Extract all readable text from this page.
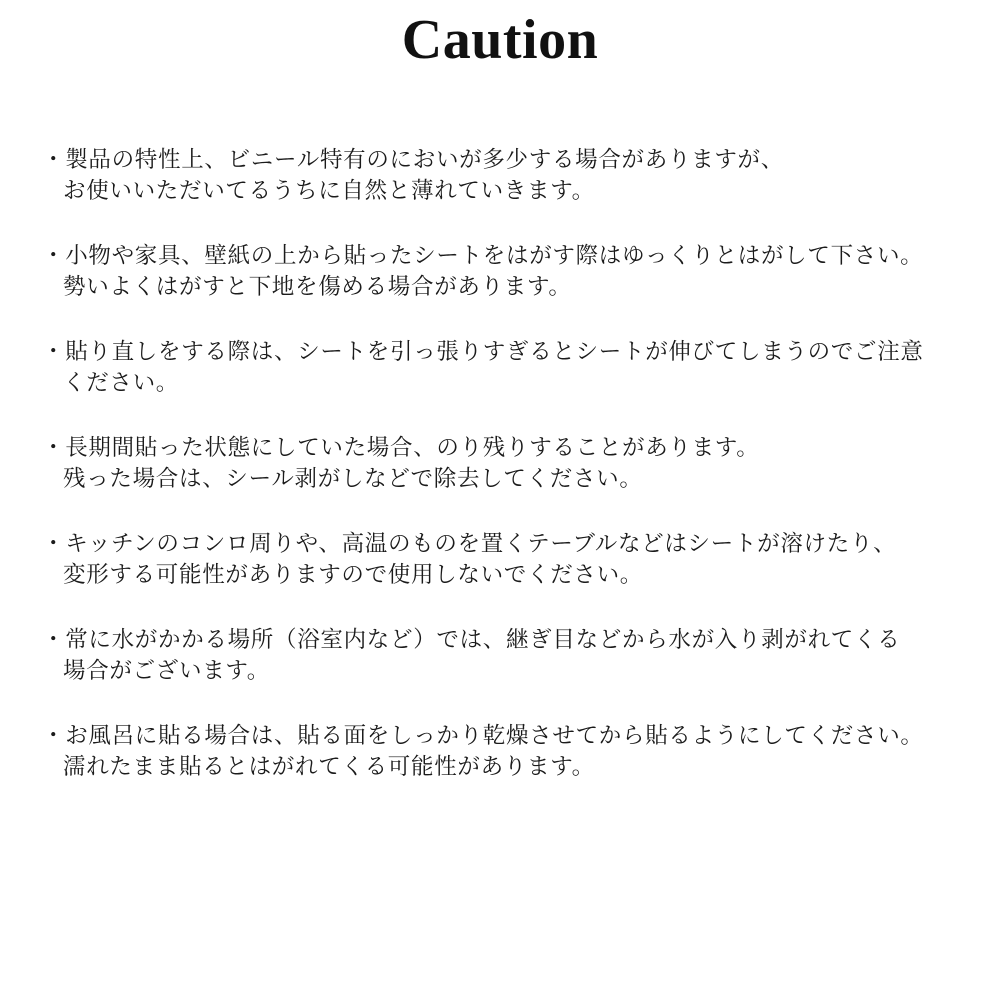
Caution
・製品の特性上、ビニール特有のにおいが多少する場合がありますが、
お使いいただいてるうちに自然と薄れていきます。
・小物や家具、壁紙の上から貼ったシートをはがす際はゆっくりとはがして下さい。
勢いよくはがすと下地を傷める場合があります。
・貼り直しをする際は、シートを引っ張りすぎるとシートが伸びてしまうのでご注意
ください。
・長期間貼った状態にしていた場合、のり残りすることがあります。
残った場合は、シール剥がしなどで除去してください。
・キッチンのコンロ周りや、高温のものを置くテーブルなどはシートが溶けたり、
変形する可能性がありますので使用しないでください。
・常に水がかかる場所（浴室内など）では、継ぎ目などから水が入り剥がれてくる
場合がございます。
・お風呂に貼る場合は、貼る面をしっかり乾燥させてから貼るようにしてください。
濡れたまま貼るとはがれてくる可能性があります。
